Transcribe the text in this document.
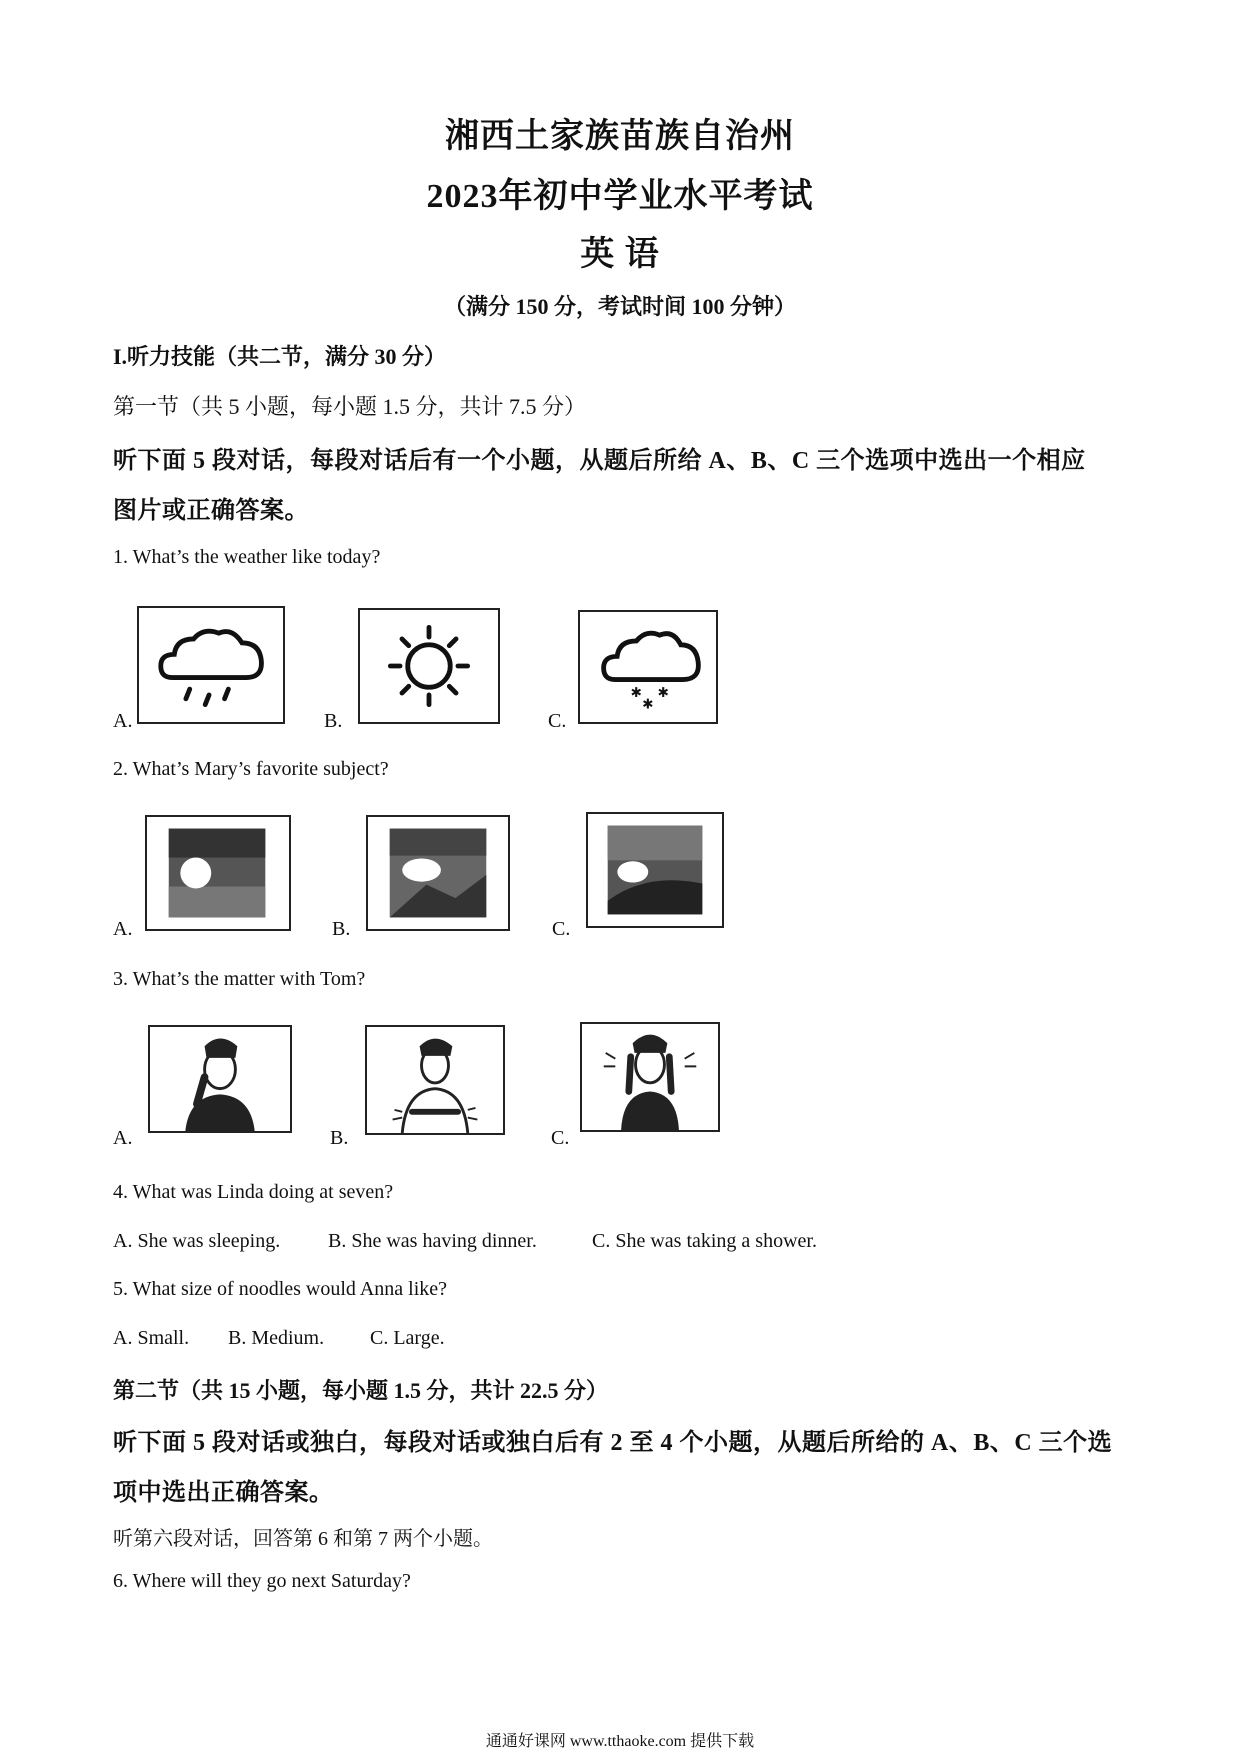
湘西土家族苗族自治州
2023年初中学业水平考试
英 语
（满分 150 分，考试时间 100 分钟）
I.听力技能（共二节，满分 30 分）
第一节（共 5 小题，每小题 1.5 分，共计 7.5 分）
听下面 5 段对话，每段对话后有一个小题，从题后所给 A、B、C 三个选项中选出一个相应
图片或正确答案。
1. What’s the weather like today?
A.	B.	C.
✱
✱
✱
2. What’s Mary’s favorite subject?
A.	B.	C.
3. What’s the matter with Tom?
A.	B.	C.
4. What was Linda doing at seven?
A. She was sleeping. B. She was having dinner.	C. She was taking a shower.
5. What size of noodles would Anna like?
A. Small. B. Medium. C. Large.
第二节（共 15 小题，每小题 1.5 分，共计 22.5 分）
听下面 5 段对话或独白，每段对话或独白后有 2 至 4 个小题，从题后所给的 A、B、C 三个选
项中选出正确答案。
听第六段对话，回答第 6 和第 7 两个小题。
6. Where will they go next Saturday?
通通好课网 www.tthaoke.com 提供下载
